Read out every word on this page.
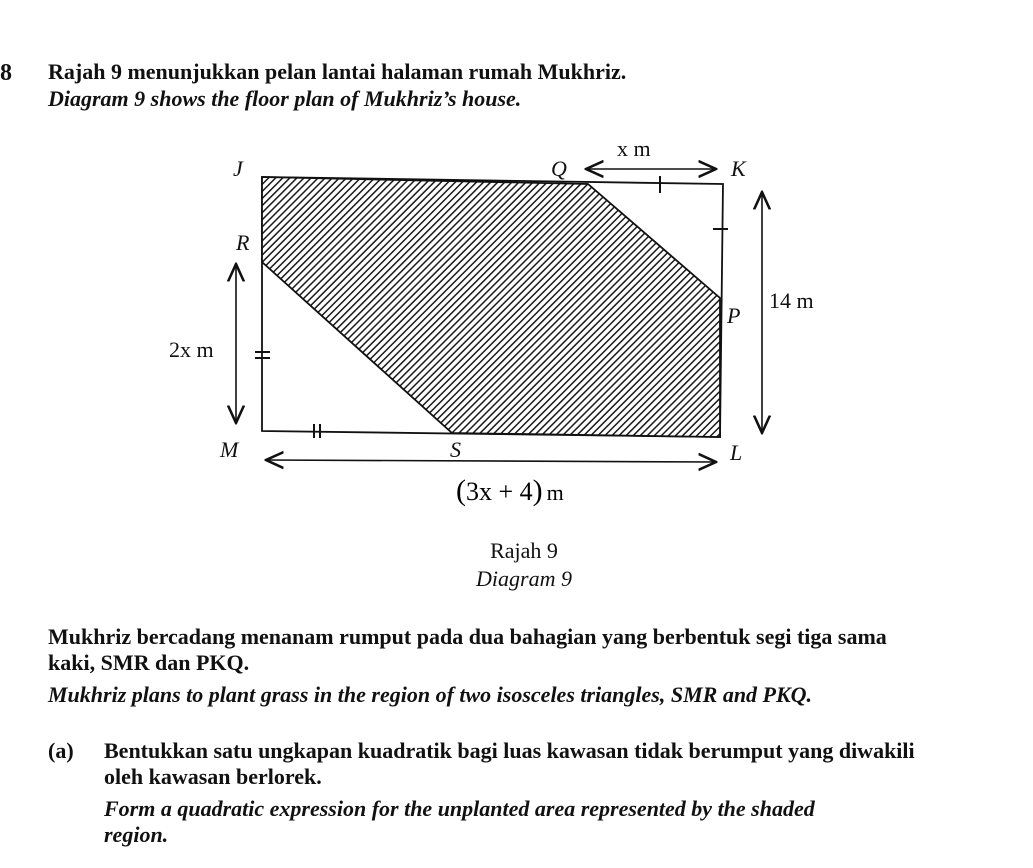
8 Rajah 9 menunjukkan pelan lantai halaman rumah Mukhriz.
Diagram 9 shows the floor plan of Mukhriz’s house.
J	Q	K
R
P
M	S	L
x m
14 m
2x m
(3x + 4) m
Rajah 9
Diagram 9
Mukhriz bercadang menanam rumput pada dua bahagian yang berbentuk segi tiga sama
kaki, SMR dan PKQ.
Mukhriz plans to plant grass in the region of two isosceles triangles, SMR and PKQ.
(a) Bentukkan satu ungkapan kuadratik bagi luas kawasan tidak berumput yang diwakili
oleh kawasan berlorek.
Form a quadratic expression for the unplanted area represented by the shaded
region.
